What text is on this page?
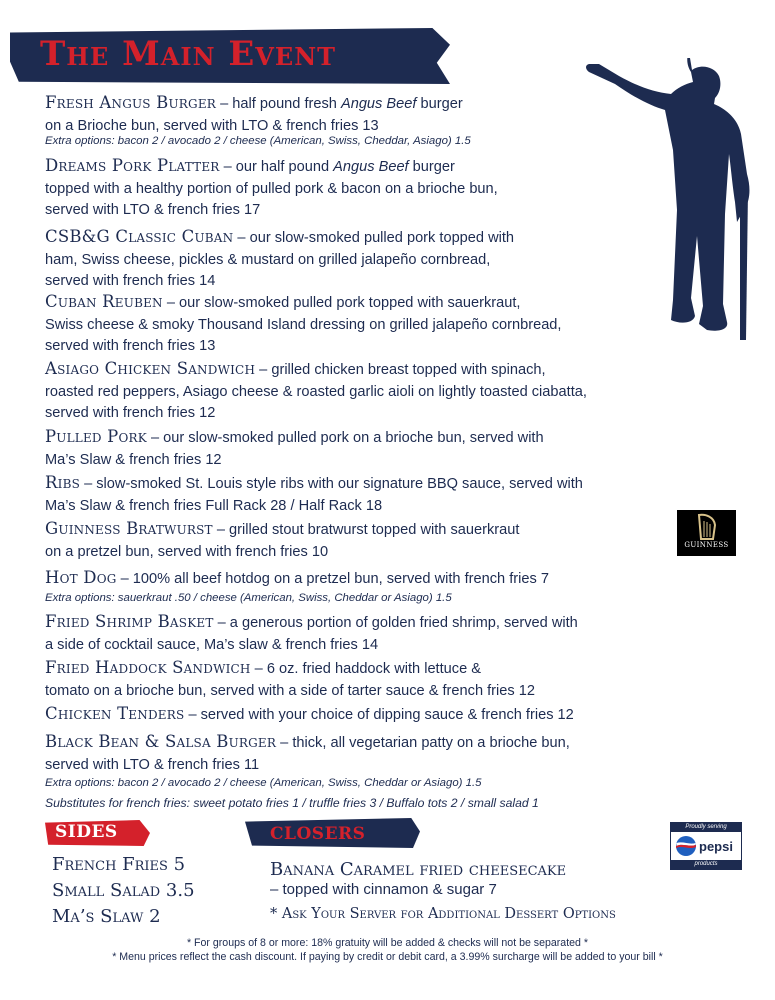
The Main Event
Fresh Angus Burger – half pound fresh Angus Beef burger
on a Brioche bun, served with LTO & french fries 13
Dreams Pork Platter – our half pound Angus Beef burger
topped with a healthy portion of pulled pork & bacon on a brioche bun,
served with LTO & french fries 17
CSB&G Classic Cuban – our slow-smoked pulled pork topped with
ham, Swiss cheese, pickles & mustard on grilled jalapeño cornbread,
served with french fries 14
Cuban Reuben – our slow-smoked pulled pork topped with sauerkraut,
Swiss cheese & smoky Thousand Island dressing on grilled jalapeño cornbread,
served with french fries 13
Asiago Chicken Sandwich – grilled chicken breast topped with spinach,
roasted red peppers, Asiago cheese & roasted garlic aioli on lightly toasted ciabatta,
served with french fries 12
Pulled Pork – our slow-smoked pulled pork on a brioche bun, served with
Ma’s Slaw & french fries 12
Ribs – slow-smoked St. Louis style ribs with our signature BBQ sauce, served with
Ma’s Slaw & french fries Full Rack 28 / Half Rack 18
Guinness Bratwurst – grilled stout bratwurst topped with sauerkraut
on a pretzel bun, served with french fries 10
Hot Dog – 100% all beef hotdog on a pretzel bun, served with french fries 7
Fried Shrimp Basket – a generous portion of golden fried shrimp, served with
a side of cocktail sauce, Ma’s slaw & french fries 14
Fried Haddock Sandwich – 6 oz. fried haddock with lettuce &
tomato on a brioche bun, served with a side of tarter sauce & french fries 12
Chicken Tenders – served with your choice of dipping sauce & french fries 12
Black Bean & Salsa Burger – thick, all vegetarian patty on a brioche bun,
served with LTO & french fries 11
Extra options: bacon 2 / avocado 2 / cheese (American, Swiss, Cheddar, Asiago) 1.5
Extra options: sauerkraut .50 / cheese (American, Swiss, Cheddar or Asiago) 1.5
Extra options: bacon 2 / avocado 2 / cheese (American, Swiss, Cheddar or Asiago) 1.5
Substitutes for french fries: sweet potato fries 1 / truffle fries 3 / Buffalo tots 2 / small salad 1
GUINNESS
SIDES	CLOSERS
French Fries 5
Small Salad 3.5
Ma’s Slaw 2
Banana Caramel fried cheesecake
– topped with cinnamon & sugar 7
* Ask Your Server for Additional Dessert Options
Proudly serving
pepsi
products
* For groups of 8 or more: 18% gratuity will be added & checks will not be separated *
* Menu prices reflect the cash discount. If paying by credit or debit card, a 3.99% surcharge will be added to your bill *
